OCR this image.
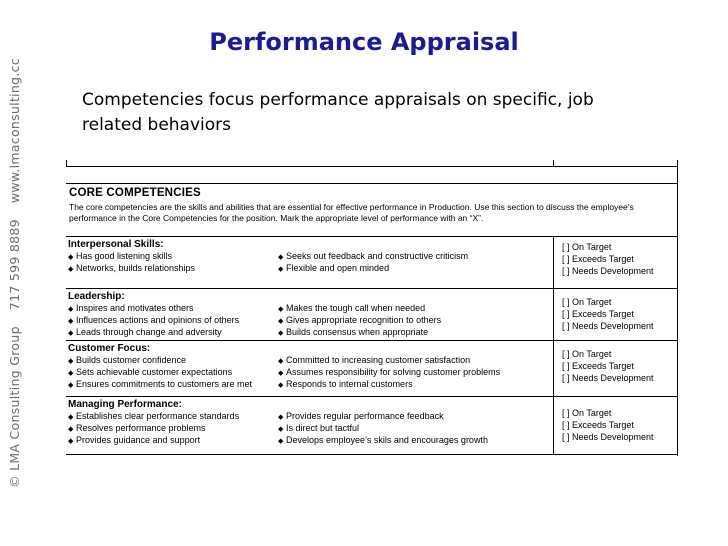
© LMA Consulting Group717 599 8889www.lmaconsulting.cc
Performance Appraisal
Competencies focus performance appraisals on specific, job related behaviors
CORE COMPETENCIES
The core competencies are the skills and abilities that are essential for effective performance in Production. Use this section to discuss the employee’s performance in the Core Competencies for the position. Mark the appropriate level of performance with an “X”.
Interpersonal Skills:
◆ Has good listening skills
◆ Networks, builds relationships
◆ Seeks out feedback and constructive criticism
◆ Flexible and open minded
[ ] On Target
[ ] Exceeds Target
[ ] Needs Development
Leadership:
◆ Inspires and motivates others
◆ Influences actions and opinions of others
◆ Leads through change and adversity
◆ Makes the tough call when needed
◆ Gives appropriate recognition to others
◆ Builds consensus when appropriate
[ ] On Target
[ ] Exceeds Target
[ ] Needs Development
Customer Focus:
◆ Builds customer confidence
◆ Sets achievable customer expectations
◆ Ensures commitments to customers are met
◆ Committed to increasing customer satisfaction
◆ Assumes responsibility for solving customer problems
◆ Responds to internal customers
[ ] On Target
[ ] Exceeds Target
[ ] Needs Development
Managing Performance:
◆ Establishes clear performance standards
◆ Resolves performance problems
◆ Provides guidance and support
◆ Provides regular performance feedback
◆ Is direct but tactful
◆ Develops employee’s skils and encourages growth
[ ] On Target
[ ] Exceeds Target
[ ] Needs Development
